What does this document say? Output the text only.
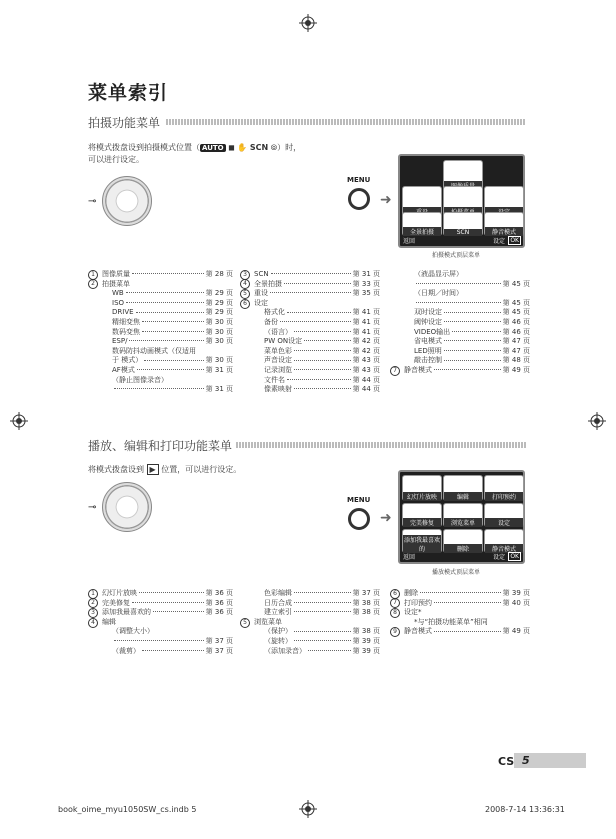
菜单索引
拍摄功能菜单
将模式拨盘设到拍摄模式位置（ AUTO ◼ ✋ SCN ⦾）时，
可以进行设定。
⊸
MENU
➜
全景拍摄	SCN	静音模式
返回	设定 OK
拍摄模式顶层菜单
1	图像质量	第 28 页
2	拍摄菜单
WB	第 29 页
ISO	第 29 页
DRIVE	第 29 页
精细变焦	第 30 页
数码变焦	第 30 页
ESP/	第 30 页
数码防抖动画模式（仅适用
于 模式）	第 30 页
AF模式	第 31 页
（静止图像录音）
第 31 页
3	SCN	第 31 页
4	全景拍摄	第 33 页
5	重设	第 35 页
6	设定
格式化	第 41 页
备份	第 41 页
（语言）	第 41 页
PW ON设定	第 42 页
菜单色彩	第 42 页
声音设定	第 43 页
记录浏览	第 43 页
文件名	第 44 页
像素映射	第 44 页
（液晶显示屏）
第 45 页
（日期／时间）
第 45 页
双时设定	第 45 页
阈钟设定	第 46 页
VIDEO输出	第 46 页
省电模式	第 47 页
LED照明	第 47 页
敲击控制	第 48 页
7	静音模式	第 49 页
播放、编辑和打印功能菜单
将模式拨盘设到 ▶ 位置，可以进行设定。
⊸
MENU
➜
幻灯片放映	编辑	打印预约
完美修复	浏览菜单	设定
添加我最喜欢的	删除	静音模式
返回	设定 OK
播放模式顶层菜单
1	幻灯片放映	第 36 页
2	完美修复	第 36 页
3	添加我最喜欢的	第 36 页
4	编辑
（调整大小）
第 37 页
（裁剪）	第 37 页
色彩编辑	第 37 页
日历合成	第 38 页
建立索引	第 38 页
5	浏览菜单
（保护）	第 38 页
（旋转）	第 39 页
（添加录音）	第 39 页
6	删除	第 39 页
7	打印预约	第 40 页
8	设定*
*与“拍摄功能菜单”相同
9	静音模式	第 49 页
CS 5
book_oime_myu1050SW_cs.indb 5	2008-7-14 13:36:31
